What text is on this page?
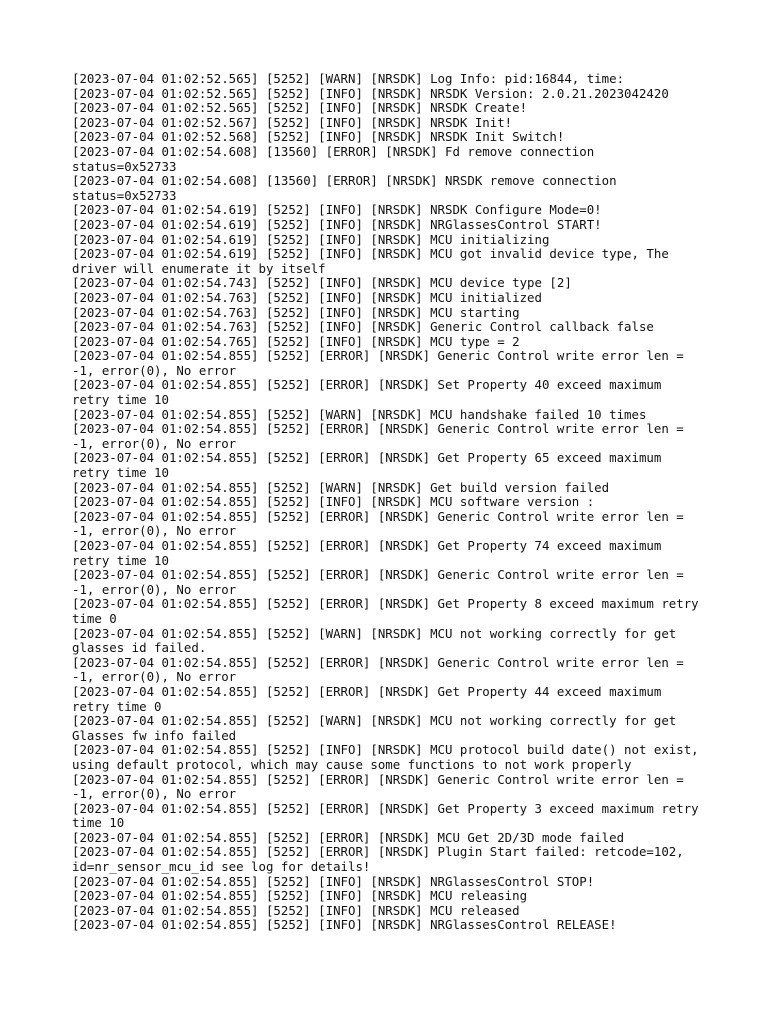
[2023-07-04 01:02:52.565] [5252] [WARN] [NRSDK] Log Info: pid:16844, time:
[2023-07-04 01:02:52.565] [5252] [INFO] [NRSDK] NRSDK Version: 2.0.21.2023042420
[2023-07-04 01:02:52.565] [5252] [INFO] [NRSDK] NRSDK Create!
[2023-07-04 01:02:52.567] [5252] [INFO] [NRSDK] NRSDK Init!
[2023-07-04 01:02:52.568] [5252] [INFO] [NRSDK] NRSDK Init Switch!
[2023-07-04 01:02:54.608] [13560] [ERROR] [NRSDK] Fd remove connection status=0x52733
[2023-07-04 01:02:54.608] [13560] [ERROR] [NRSDK] NRSDK remove connection status=0x52733
[2023-07-04 01:02:54.619] [5252] [INFO] [NRSDK] NRSDK Configure Mode=0!
[2023-07-04 01:02:54.619] [5252] [INFO] [NRSDK] NRGlassesControl START!
[2023-07-04 01:02:54.619] [5252] [INFO] [NRSDK] MCU initializing
[2023-07-04 01:02:54.619] [5252] [INFO] [NRSDK] MCU got invalid device type, The driver will enumerate it by itself
[2023-07-04 01:02:54.743] [5252] [INFO] [NRSDK] MCU device type [2]
[2023-07-04 01:02:54.763] [5252] [INFO] [NRSDK] MCU initialized
[2023-07-04 01:02:54.763] [5252] [INFO] [NRSDK] MCU starting
[2023-07-04 01:02:54.763] [5252] [INFO] [NRSDK] Generic Control callback false
[2023-07-04 01:02:54.765] [5252] [INFO] [NRSDK] MCU type = 2
[2023-07-04 01:02:54.855] [5252] [ERROR] [NRSDK] Generic Control write error len = -1, error(0), No error
[2023-07-04 01:02:54.855] [5252] [ERROR] [NRSDK] Set Property 40 exceed maximum retry time 10
[2023-07-04 01:02:54.855] [5252] [WARN] [NRSDK] MCU handshake failed 10 times
[2023-07-04 01:02:54.855] [5252] [ERROR] [NRSDK] Generic Control write error len = -1, error(0), No error
[2023-07-04 01:02:54.855] [5252] [ERROR] [NRSDK] Get Property 65 exceed maximum retry time 10
[2023-07-04 01:02:54.855] [5252] [WARN] [NRSDK] Get build version failed
[2023-07-04 01:02:54.855] [5252] [INFO] [NRSDK] MCU software version :
[2023-07-04 01:02:54.855] [5252] [ERROR] [NRSDK] Generic Control write error len = -1, error(0), No error
[2023-07-04 01:02:54.855] [5252] [ERROR] [NRSDK] Get Property 74 exceed maximum retry time 10
[2023-07-04 01:02:54.855] [5252] [ERROR] [NRSDK] Generic Control write error len = -1, error(0), No error
[2023-07-04 01:02:54.855] [5252] [ERROR] [NRSDK] Get Property 8 exceed maximum retry time 0
[2023-07-04 01:02:54.855] [5252] [WARN] [NRSDK] MCU not working correctly for get glasses id failed.
[2023-07-04 01:02:54.855] [5252] [ERROR] [NRSDK] Generic Control write error len = -1, error(0), No error
[2023-07-04 01:02:54.855] [5252] [ERROR] [NRSDK] Get Property 44 exceed maximum retry time 0
[2023-07-04 01:02:54.855] [5252] [WARN] [NRSDK] MCU not working correctly for get Glasses fw info failed
[2023-07-04 01:02:54.855] [5252] [INFO] [NRSDK] MCU protocol build date() not exist, using default protocol, which may cause some functions to not work properly
[2023-07-04 01:02:54.855] [5252] [ERROR] [NRSDK] Generic Control write error len = -1, error(0), No error
[2023-07-04 01:02:54.855] [5252] [ERROR] [NRSDK] Get Property 3 exceed maximum retry time 10
[2023-07-04 01:02:54.855] [5252] [ERROR] [NRSDK] MCU Get 2D/3D mode failed
[2023-07-04 01:02:54.855] [5252] [ERROR] [NRSDK] Plugin Start failed: retcode=102, id=nr_sensor_mcu_id see log for details!
[2023-07-04 01:02:54.855] [5252] [INFO] [NRSDK] NRGlassesControl STOP!
[2023-07-04 01:02:54.855] [5252] [INFO] [NRSDK] MCU releasing
[2023-07-04 01:02:54.855] [5252] [INFO] [NRSDK] MCU released
[2023-07-04 01:02:54.855] [5252] [INFO] [NRSDK] NRGlassesControl RELEASE!
